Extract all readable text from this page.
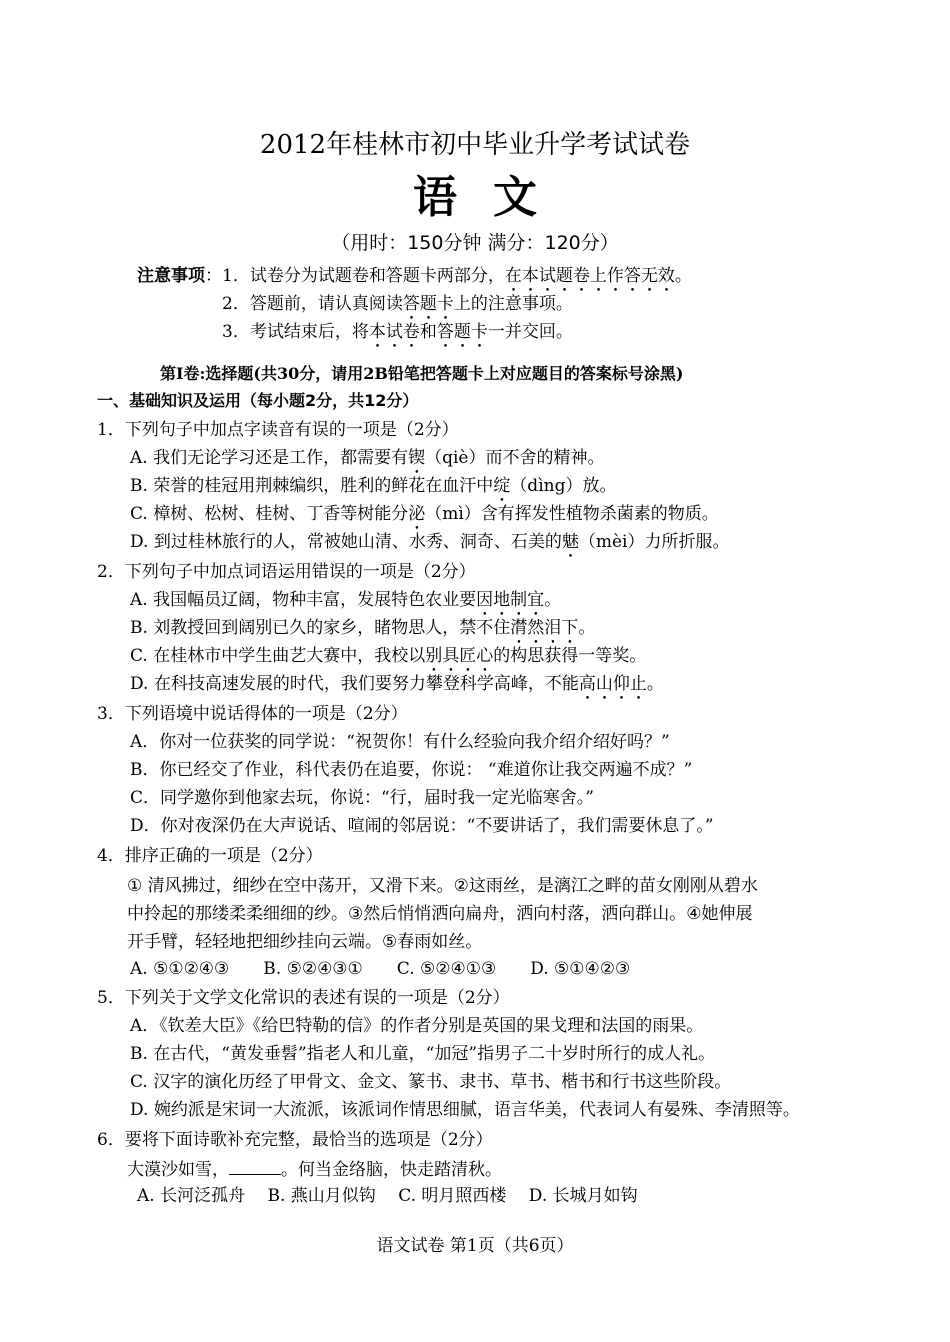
2012年桂林市初中毕业升学考试试卷
语文
（用时：150分钟 满分：120分）
注意事项：1．试卷分为试题卷和答题卡两部分，在本试题卷上作答无效。
2．答题前，请认真阅读答题卡上的注意事项。
3．考试结束后，将本试卷和答题卡一并交回。
第Ⅰ卷:选择题(共30分，请用2B铅笔把答题卡上对应题目的答案标号涂黑)
一、基础知识及运用（每小题2分，共12分）
1．下列句子中加点字读音有误的一项是（2分）
A. 我们无论学习还是工作，都需要有锲（qiè）而不舍的精神。
B. 荣誉的桂冠用荆棘编织，胜利的鲜花在血汗中绽（dìng）放。
C. 樟树、松树、桂树、丁香等树能分泌（mì）含有挥发性植物杀菌素的物质。
D. 到过桂林旅行的人，常被她山清、水秀、洞奇、石美的魅（mèi）力所折服。
2．下列句子中加点词语运用错误的一项是（2分）
A. 我国幅员辽阔，物种丰富，发展特色农业要因地制宜。
B. 刘教授回到阔别已久的家乡，睹物思人，禁不住潸然泪下。
C. 在桂林市中学生曲艺大赛中，我校以别具匠心的构思获得一等奖。
D. 在科技高速发展的时代，我们要努力攀登科学高峰，不能高山仰止。
3．下列语境中说话得体的一项是（2分）
A．你对一位获奖的同学说：“祝贺你！有什么经验向我介绍介绍好吗？”
B．你已经交了作业，科代表仍在追要，你说： “难道你让我交两遍不成？”
C．同学邀你到他家去玩，你说：“行，届时我一定光临寒舍。”
D．你对夜深仍在大声说话、喧闹的邻居说：“不要讲话了，我们需要休息了。”
4．排序正确的一项是（2分）
① 清风拂过，细纱在空中荡开，又滑下来。②这雨丝，是漓江之畔的苗女刚刚从碧水
中拎起的那缕柔柔细细的纱。③然后悄悄洒向扁舟，洒向村落，洒向群山。④她伸展
开手臂，轻轻地把细纱挂向云端。⑤春雨如丝。
A. ⑤①②④③　　B. ⑤②④③①　　C. ⑤②④①③　　D. ⑤①④②③
5．下列关于文学文化常识的表述有误的一项是（2分）
A．《钦差大臣》《给巴特勒的信》的作者分别是英国的果戈理和法国的雨果。
B. 在古代，“黄发垂髫”指老人和儿童，“加冠”指男子二十岁时所行的成人礼。
C. 汉字的演化历经了甲骨文、金文、篆书、隶书、草书、楷书和行书这些阶段。
D. 婉约派是宋词一大流派，该派词作情思细腻，语言华美，代表词人有晏殊、李清照等。
6．要将下面诗歌补充完整，最恰当的选项是（2分）
大漠沙如雪，	。何当金络脑，快走踏清秋。
A. 长河泛孤舟　 B. 燕山月似钩　 C. 明月照西楼　 D. 长城月如钩
语文试卷 第1页（共6页）
